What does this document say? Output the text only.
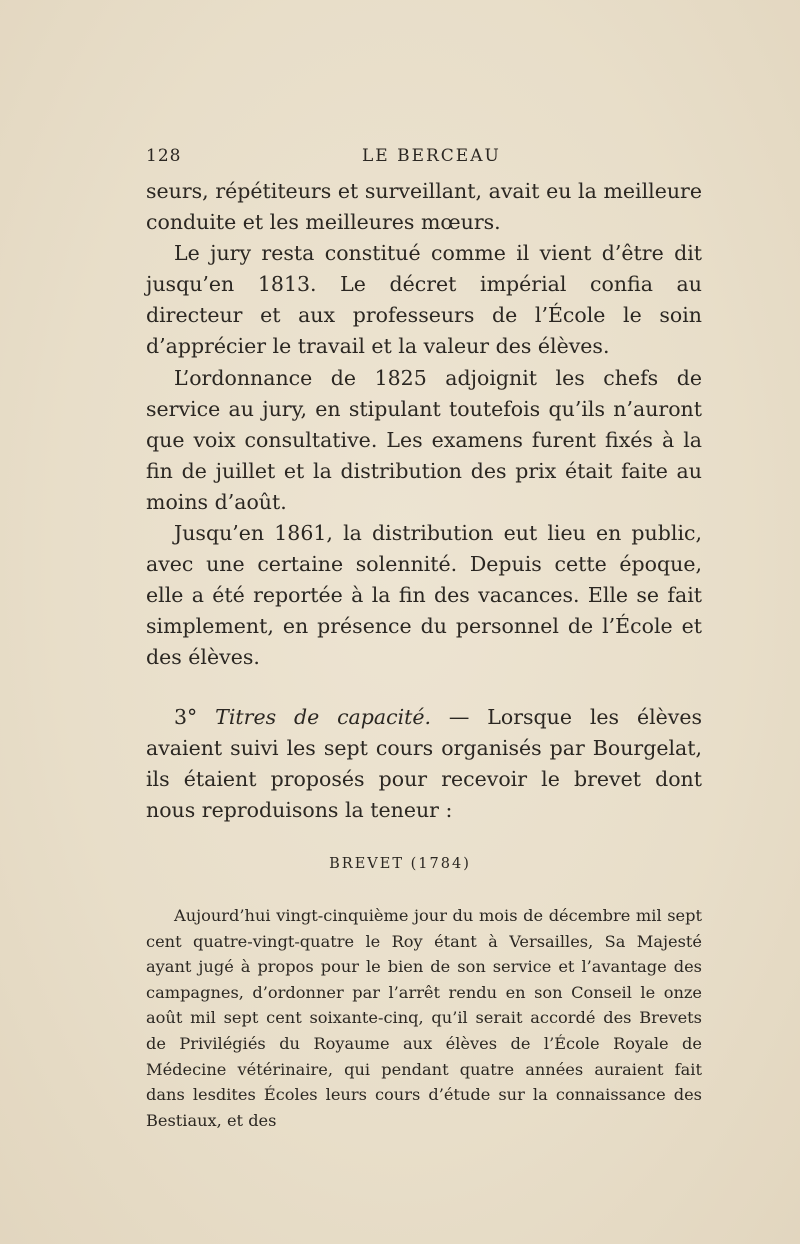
128	LE BERCEAU

seurs, répétiteurs et surveillant, avait eu la meilleure conduite et les meilleures mœurs.

Le jury resta constitué comme il vient d’être dit jusqu’en 1813. Le décret impérial confia au directeur et aux professeurs de l’École le soin d’apprécier le travail et la valeur des élèves.

L’ordonnance de 1825 adjoignit les chefs de service au jury, en stipulant toutefois qu’ils n’auront que voix consultative. Les examens furent fixés à la fin de juillet et la distribution des prix était faite au moins d’août.

Jusqu’en 1861, la distribution eut lieu en public, avec une certaine solennité. Depuis cette époque, elle a été reportée à la fin des vacances. Elle se fait simplement, en présence du personnel de l’École et des élèves.

3° Titres de capacité. — Lorsque les élèves avaient suivi les sept cours organisés par Bourgelat, ils étaient proposés pour recevoir le brevet dont nous reproduisons la teneur :

BREVET (1784)

Aujourd’hui vingt-cinquième jour du mois de décembre mil sept cent quatre-vingt-quatre le Roy étant à Versailles, Sa Majesté ayant jugé à propos pour le bien de son service et l’avantage des campagnes, d’ordonner par l’arrêt rendu en son Conseil le onze août mil sept cent soixante-cinq, qu’il serait accordé des Brevets de Privilégiés du Royaume aux élèves de l’École Royale de Médecine vétérinaire, qui pendant quatre années auraient fait dans lesdites Écoles leurs cours d’étude sur la connaissance des Bestiaux, et des
